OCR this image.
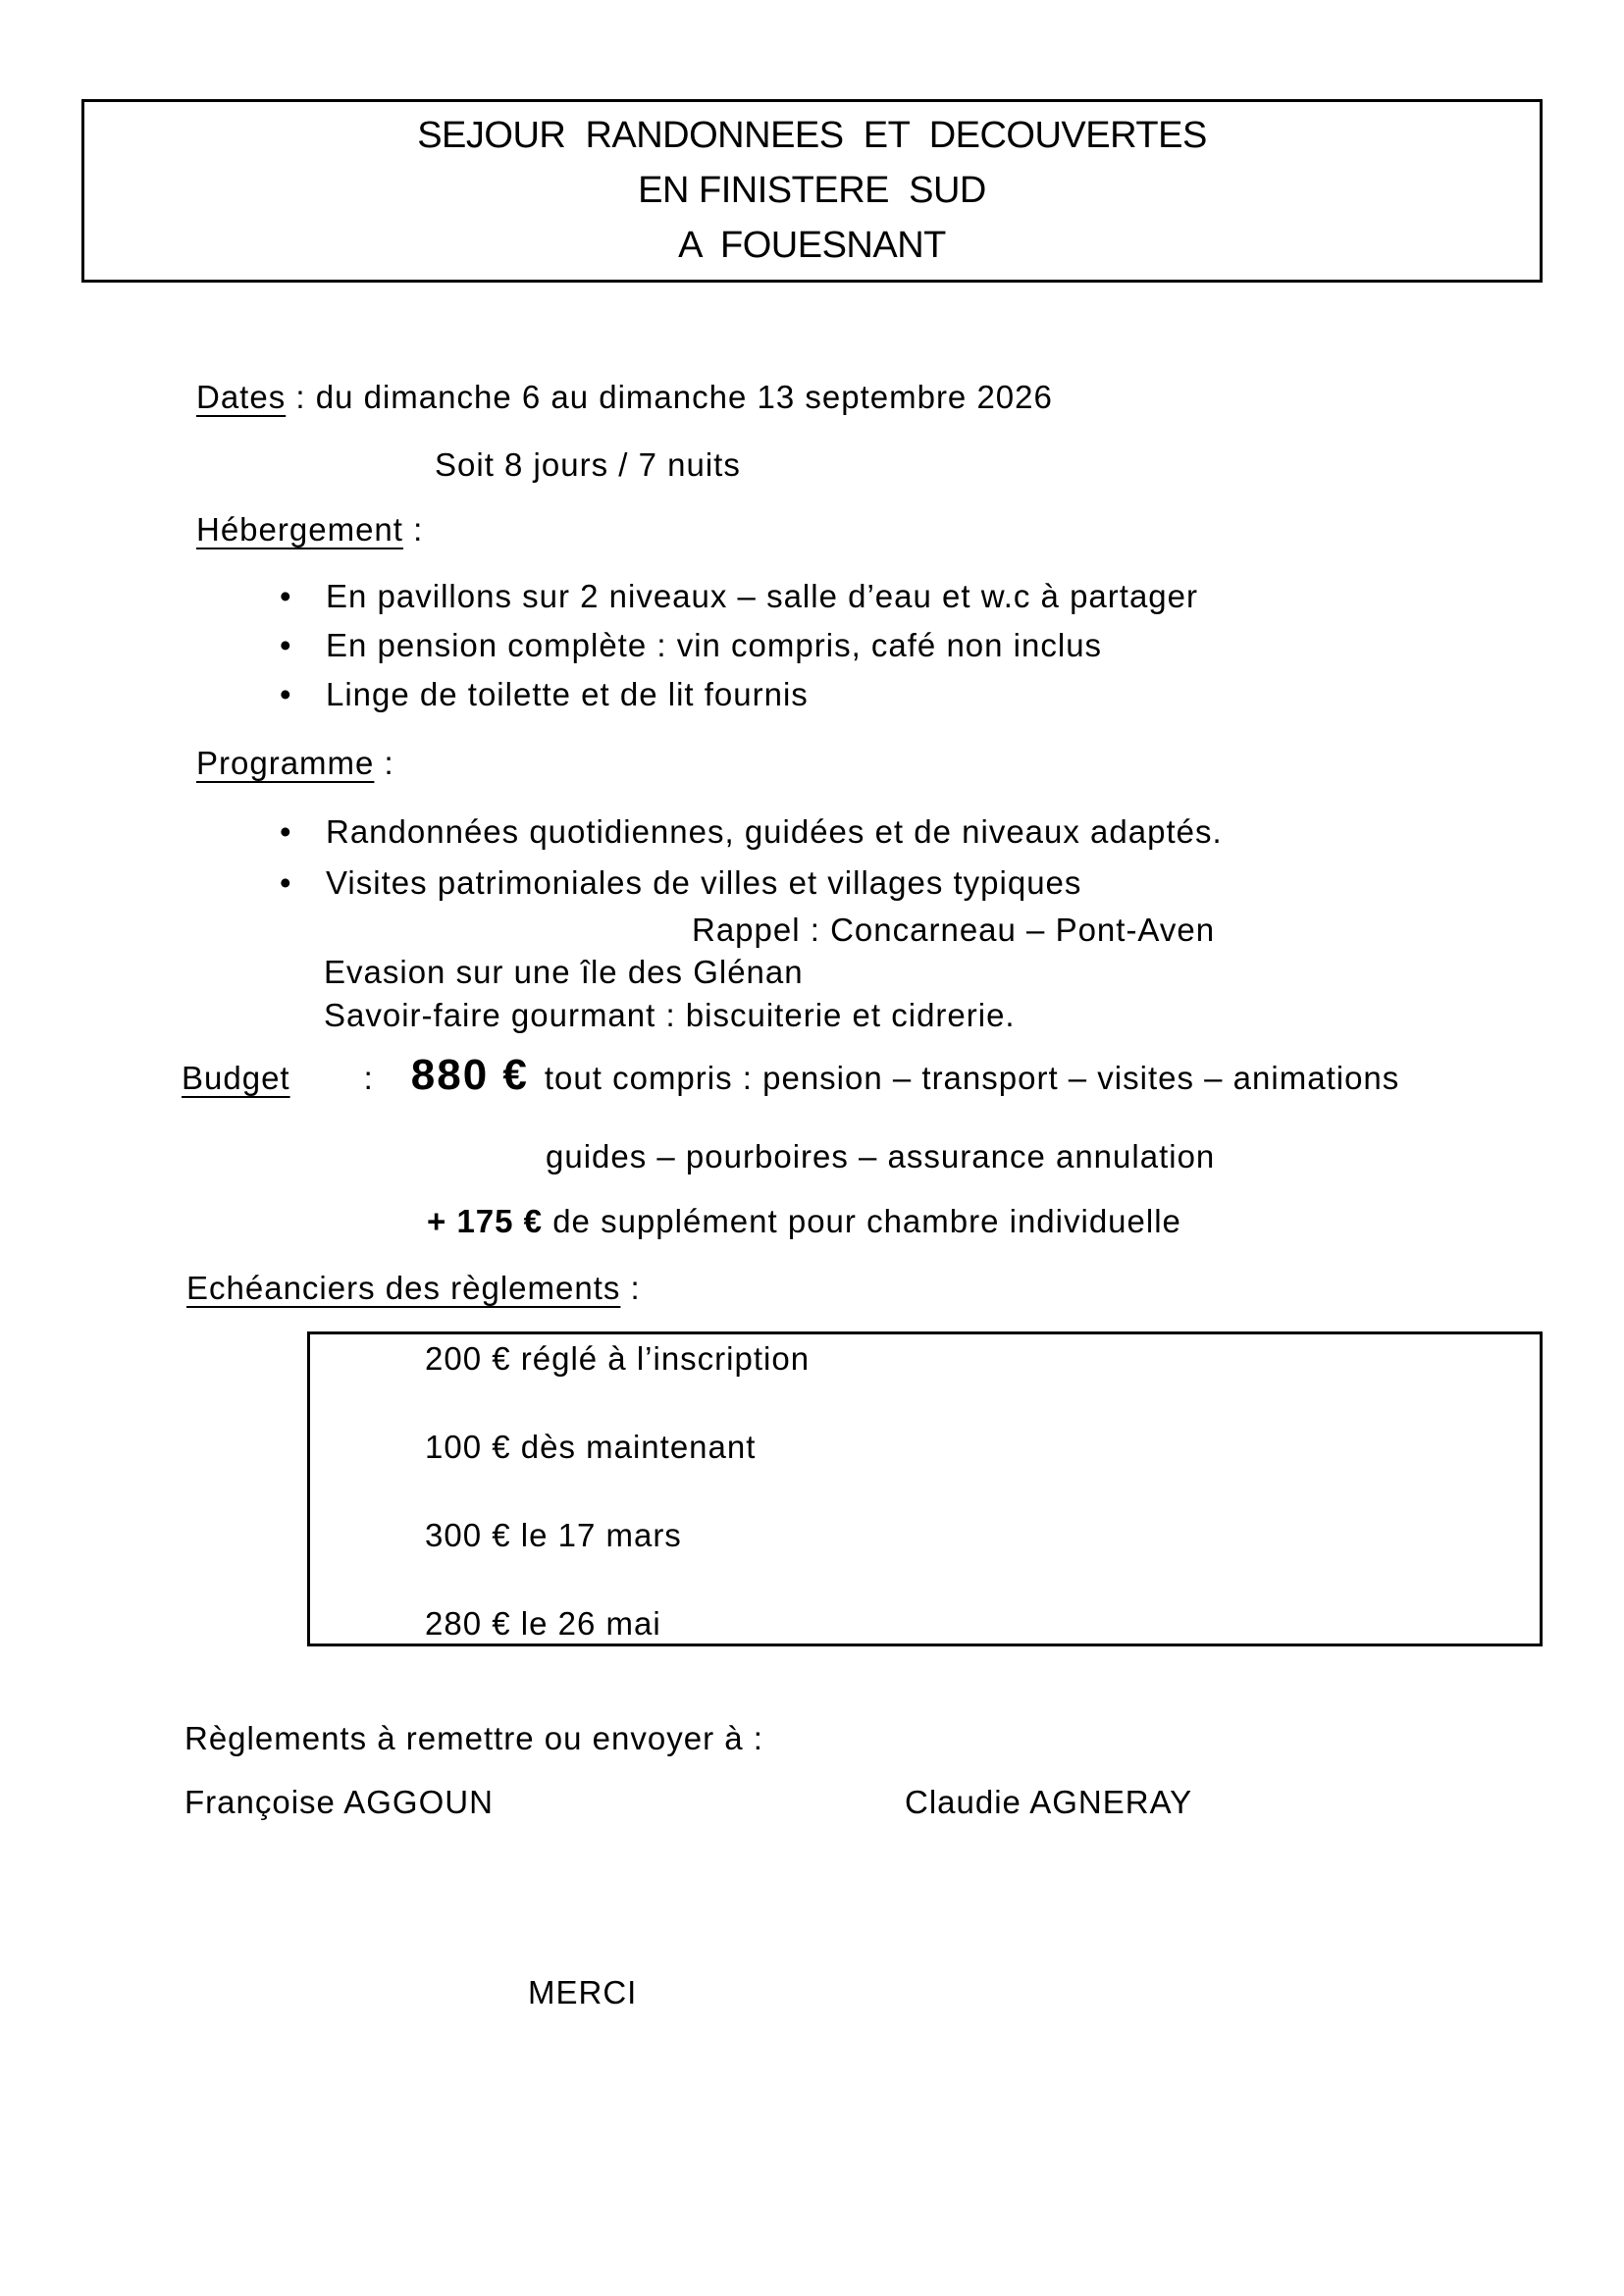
SEJOUR  RANDONNEES  ET  DECOUVERTES
EN FINISTERE  SUD
A  FOUESNANT
Dates : du dimanche 6 au dimanche 13 septembre 2026
Soit 8 jours / 7 nuits
Hébergement :
•	En pavillons sur 2 niveaux – salle d’eau et w.c à partager
•	En pension complète : vin compris, café non inclus
•	Linge de toilette et de lit fournis
Programme :
•	Randonnées quotidiennes, guidées et de niveaux adaptés.
•	Visites patrimoniales de villes et villages typiques
Rappel : Concarneau – Pont-Aven
Evasion sur une île des Glénan
Savoir-faire gourmant : biscuiterie et cidrerie.
Budget : 880 € tout compris : pension – transport – visites – animations
guides – pourboires – assurance annulation
+ 175 € de supplément pour chambre individuelle
Echéanciers des règlements :
200 € réglé à l’inscription
100 € dès maintenant
300 € le 17 mars
280 € le 26 mai
Règlements à remettre ou envoyer à :
Françoise AGGOUN	Claudie AGNERAY
MERCI
